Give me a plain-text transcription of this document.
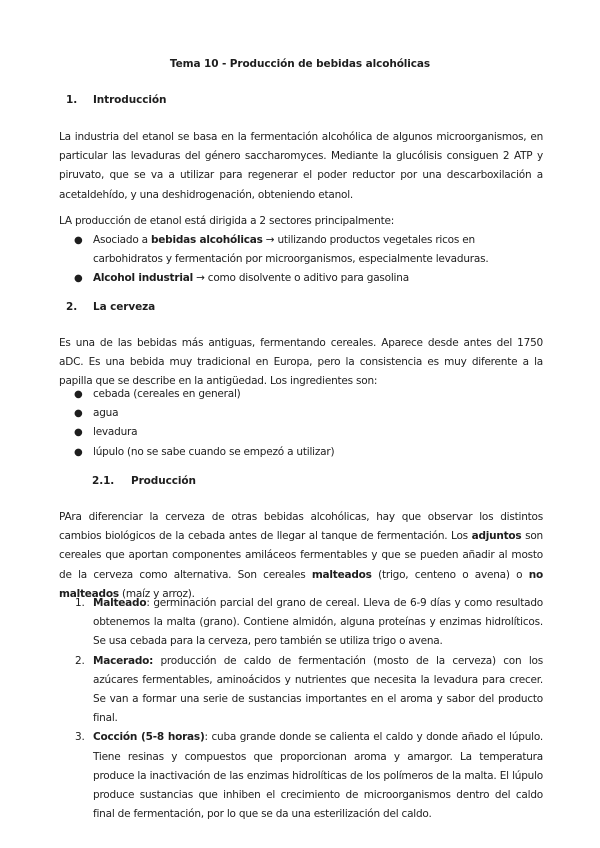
Tema 10 - Producción de bebidas alcohólicas
1. Introducción

La industria del etanol se basa en la fermentación alcohólica de algunos microorganismos, en particular las levaduras del género saccharomyces. Mediante la glucólisis consiguen 2 ATP y piruvato, que se va a utilizar para regenerar el poder reductor por una descarboxilación a acetaldehído, y una deshidrogenación, obteniendo etanol.

LA producción de etanol está dirigida a 2 sectores principalmente:

● Asociado a bebidas alcohólicas → utilizando productos vegetales ricos en carbohidratos y fermentación por microorganismos, especialmente levaduras.
● Alcohol industrial → como disolvente o aditivo para gasolina
2. La cerveza

Es una de las bebidas más antiguas, fermentando cereales. Aparece desde antes del 1750 aDC. Es una bebida muy tradicional en Europa, pero la consistencia es muy diferente a la papilla que se describe en la antigüedad. Los ingredientes son:

● cebada (cereales en general)
● agua
● levadura
● lúpulo (no se sabe cuando se empezó a utilizar)
2.1. Producción

PAra diferenciar la cerveza de otras bebidas alcohólicas, hay que observar los distintos cambios biológicos de la cebada antes de llegar al tanque de fermentación. Los adjuntos son cereales que aportan componentes amiláceos fermentables y que se pueden añadir al mosto de la cerveza como alternativa. Son cereales malteados (trigo, centeno o avena) o no malteados (maíz y arroz).

1. Malteado: germinación parcial del grano de cereal. Lleva de 6-9 días y como resultado obtenemos la malta (grano). Contiene almidón, alguna proteínas y enzimas hidrolíticos. Se usa cebada para la cerveza, pero también se utiliza trigo o avena.
2. Macerado: producción de caldo de fermentación (mosto de la cerveza) con los azúcares fermentables, aminoácidos y nutrientes que necesita la levadura para crecer. Se van a formar una serie de sustancias importantes en el aroma y sabor del producto final.
3. Cocción (5-8 horas): cuba grande donde se calienta el caldo y donde añado el lúpulo. Tiene resinas y compuestos que proporcionan aroma y amargor. La temperatura produce la inactivación de las enzimas hidrolíticas de los polímeros de la malta. El lúpulo produce sustancias que inhiben el crecimiento de microorganismos dentro del caldo final de fermentación, por lo que se da una esterilización del caldo.
